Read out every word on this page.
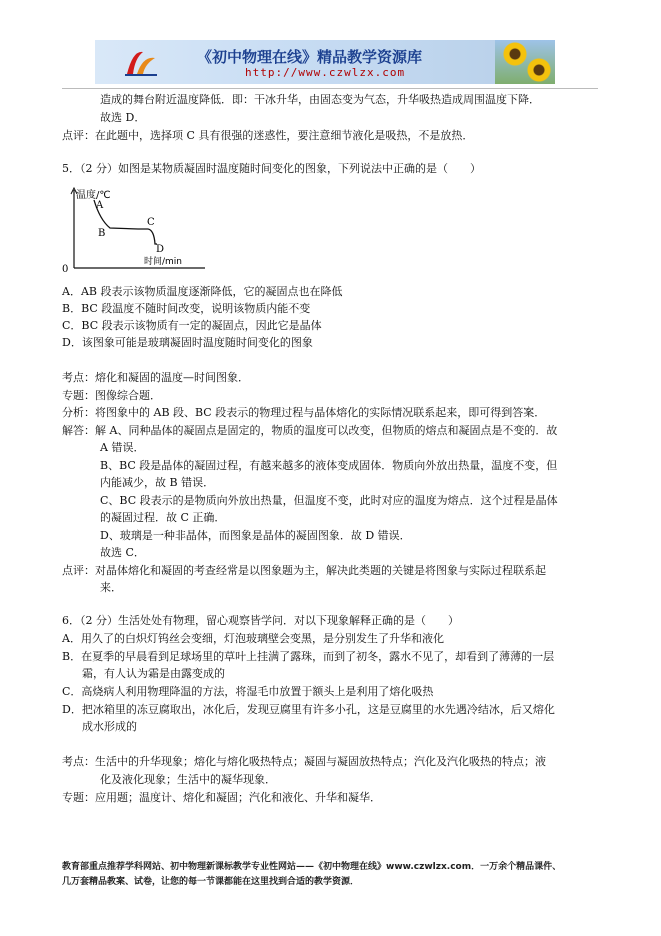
《初中物理在线》精品教学资源库
http://www.czwlzx.com
造成的舞台附近温度降低．即：干冰升华，由固态变为气态，升华吸热造成周围温度下降．
故选 D．
点评：在此题中，选择项 C 具有很强的迷惑性，要注意细节液化是吸热，不是放热．
5．（2 分）如图是某物质凝固时温度随时间变化的图象，下列说法中正确的是（　　）
A．AB 段表示该物质温度逐渐降低，它的凝固点也在降低
B．BC 段温度不随时间改变，说明该物质内能不变
C．BC 段表示该物质有一定的凝固点，因此它是晶体
D．该图象可能是玻璃凝固时温度随时间变化的图象
考点：熔化和凝固的温度—时间图象．
专题：图像综合题．
分析：将图象中的 AB 段、BC 段表示的物理过程与晶体熔化的实际情况联系起来，即可得到答案．
解答：解 A、同种晶体的凝固点是固定的，物质的温度可以改变，但物质的熔点和凝固点是不变的．故
A 错误．
B、BC 段是晶体的凝固过程，有越来越多的液体变成固体．物质向外放出热量，温度不变，但
内能减少，故 B 错误．
C、BC 段表示的是物质向外放出热量，但温度不变，此时对应的温度为熔点．这个过程是晶体
的凝固过程．故 C 正确．
D、玻璃是一种非晶体，而图象是晶体的凝固图象．故 D 错误．
故选 C．
点评：对晶体熔化和凝固的考查经常是以图象题为主，解决此类题的关键是将图象与实际过程联系起
来．
6．（2 分）生活处处有物理，留心观察皆学问．对以下现象解释正确的是（　　）
A．用久了的白炽灯钨丝会变细，灯泡玻璃壁会变黑，是分别发生了升华和液化
B．在夏季的早晨看到足球场里的草叶上挂满了露珠，而到了初冬，露水不见了，却看到了薄薄的一层
霜，有人认为霜是由露变成的
C．高烧病人利用物理降温的方法，将湿毛巾放置于额头上是利用了熔化吸热
D．把冰箱里的冻豆腐取出，冰化后，发现豆腐里有许多小孔，这是豆腐里的水先遇冷结冰，后又熔化
成水形成的
考点：生活中的升华现象；熔化与熔化吸热特点；凝固与凝固放热特点；汽化及汽化吸热的特点；液
化及液化现象；生活中的凝华现象．
专题：应用题；温度计、熔化和凝固；汽化和液化、升华和凝华．
温度/℃
时间/min
0
A
B
C
D
教育部重点推荐学科网站、初中物理新课标教学专业性网站——《初中物理在线》www.czwlzx.com．一万余个精品课件、
几万套精品教案、试卷，让您的每一节课都能在这里找到合适的教学资源．
